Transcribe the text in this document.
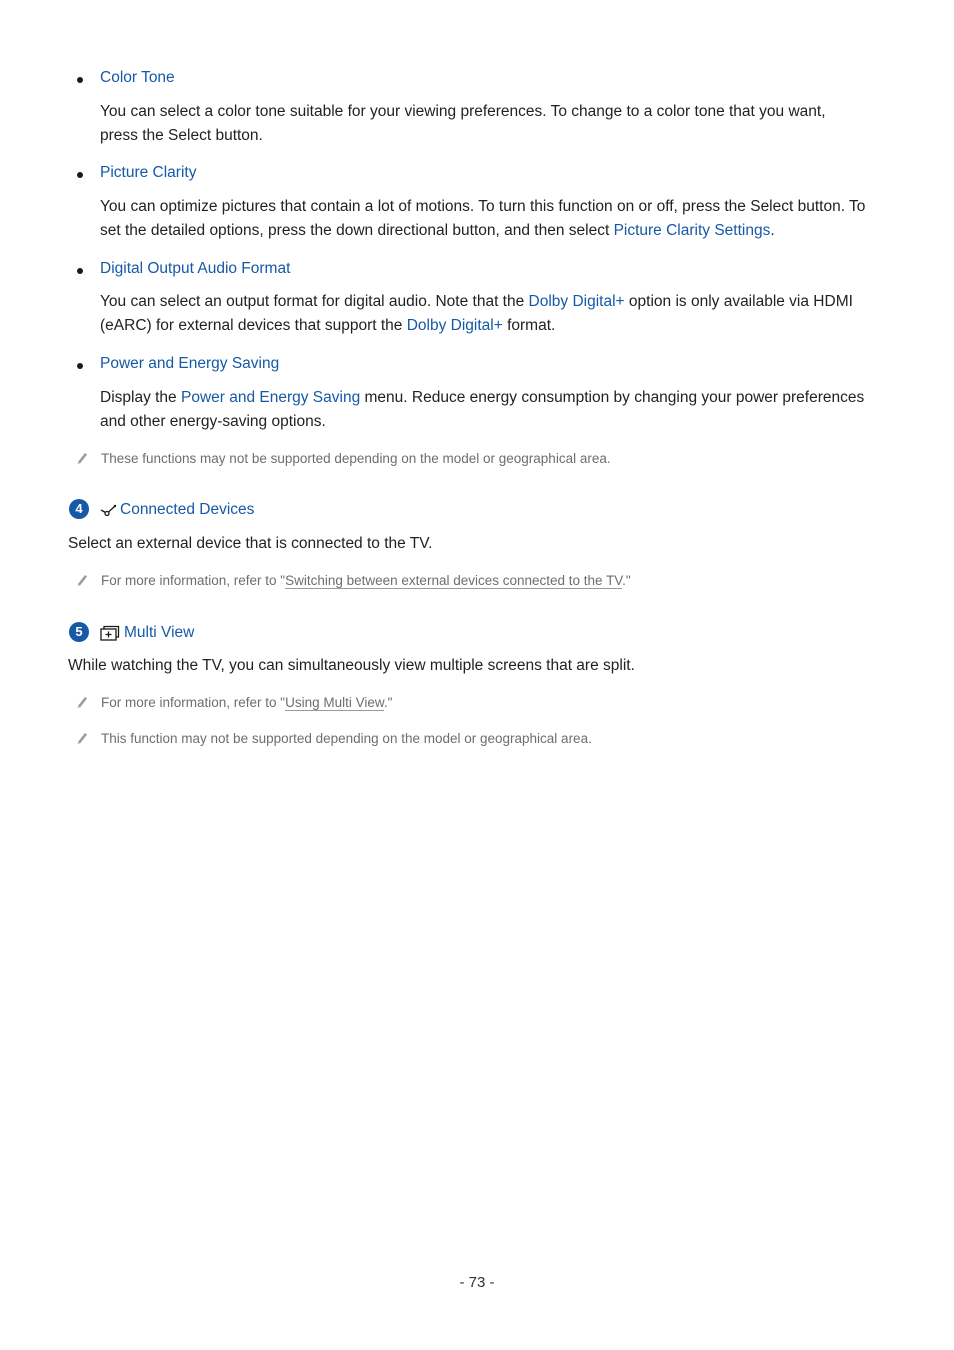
Color Tone
You can select a color tone suitable for your viewing preferences. To change to a color tone that you want, press the Select button.
Picture Clarity
You can optimize pictures that contain a lot of motions. To turn this function on or off, press the Select button. To set the detailed options, press the down directional button, and then select Picture Clarity Settings.
Digital Output Audio Format
You can select an output format for digital audio. Note that the Dolby Digital+ option is only available via HDMI (eARC) for external devices that support the Dolby Digital+ format.
Power and Energy Saving
Display the Power and Energy Saving menu. Reduce energy consumption by changing your power preferences and other energy-saving options.
These functions may not be supported depending on the model or geographical area.
4	Connected Devices
Select an external device that is connected to the TV.
For more information, refer to "Switching between external devices connected to the TV."
5	Multi View
While watching the TV, you can simultaneously view multiple screens that are split.
For more information, refer to "Using Multi View."
This function may not be supported depending on the model or geographical area.
- 73 -
